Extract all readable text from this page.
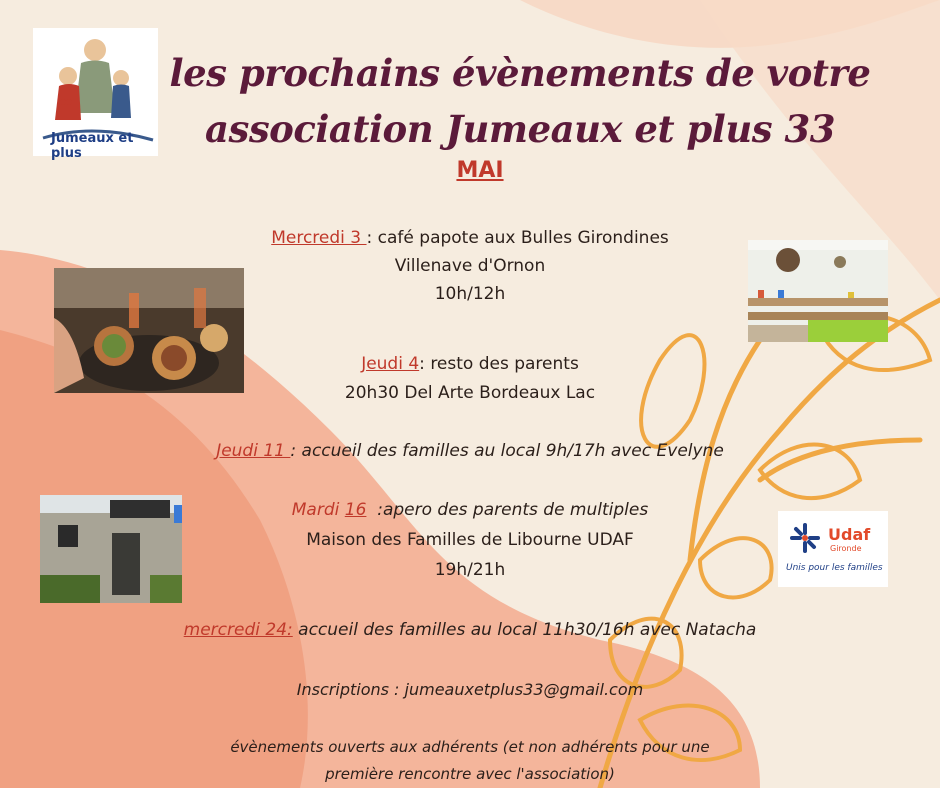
Jumeaux et plus
les prochains évènements de votre
association Jumeaux et plus 33
MAI
Udaf
Gironde
Unis pour les familles
Mercredi 3 : café papote aux Bulles Girondines
Villenave d'Ornon
10h/12h
Jeudi 4: resto des parents
20h30 Del Arte Bordeaux Lac
Jeudi 11 : accueil des familles au local 9h/17h avec Evelyne
Mardi 16 :apero des parents de multiples
Maison des Familles de Libourne UDAF
19h/21h
mercredi 24: accueil des familles au local 11h30/16h avec Natacha
Inscriptions : jumeauxetplus33@gmail.com
évènements ouverts aux adhérents (et non adhérents pour une
première rencontre avec l'association)
